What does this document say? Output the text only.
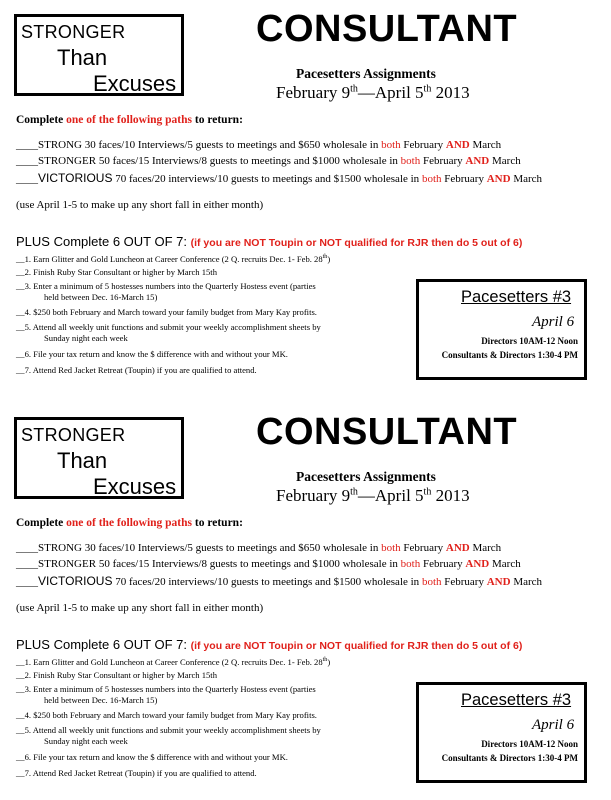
STRONGER
Than
Excuses
CONSULTANT
Pacesetters Assignments
February 9th—April 5th 2013
Complete one of the following paths to return:
____STRONG 30 faces/10 Interviews/5 guests to meetings and $650 wholesale in both February AND March
____STRONGER 50 faces/15 Interviews/8 guests to meetings and $1000 wholesale in both February AND March
____VICTORIOUS 70 faces/20 interviews/10 guests to meetings and $1500 wholesale in both February AND March
(use April 1-5 to make up any short fall in either month)
PLUS Complete 6 OUT OF 7: (if you are NOT Toupin or NOT qualified for RJR then do 5 out of 6)
__1. Earn Glitter and Gold Luncheon at Career Conference (2 Q. recruits Dec. 1- Feb. 28th)
__2. Finish Ruby Star Consultant or higher by March 15th
__3. Enter a minimum of 5 hostesses numbers into the Quarterly Hostess event (parties
held between Dec. 16-March 15)
__4. $250 both February and March toward your family budget from Mary Kay profits.
__5. Attend all weekly unit functions and submit your weekly accomplishment sheets by
Sunday night each week
__6. File your tax return and know the $ difference with and without your MK.
__7. Attend Red Jacket Retreat (Toupin) if you are qualified to attend.
Pacesetters #3
April 6
Directors 10AM-12 Noon
Consultants & Directors 1:30-4 PM
STRONGER
Than
Excuses
CONSULTANT
Pacesetters Assignments
February 9th—April 5th 2013
Complete one of the following paths to return:
____STRONG 30 faces/10 Interviews/5 guests to meetings and $650 wholesale in both February AND March
____STRONGER 50 faces/15 Interviews/8 guests to meetings and $1000 wholesale in both February AND March
____VICTORIOUS 70 faces/20 interviews/10 guests to meetings and $1500 wholesale in both February AND March
(use April 1-5 to make up any short fall in either month)
PLUS Complete 6 OUT OF 7: (if you are NOT Toupin or NOT qualified for RJR then do 5 out of 6)
__1. Earn Glitter and Gold Luncheon at Career Conference (2 Q. recruits Dec. 1- Feb. 28th)
__2. Finish Ruby Star Consultant or higher by March 15th
__3. Enter a minimum of 5 hostesses numbers into the Quarterly Hostess event (parties
held between Dec. 16-March 15)
__4. $250 both February and March toward your family budget from Mary Kay profits.
__5. Attend all weekly unit functions and submit your weekly accomplishment sheets by
Sunday night each week
__6. File your tax return and know the $ difference with and without your MK.
__7. Attend Red Jacket Retreat (Toupin) if you are qualified to attend.
Pacesetters #3
April 6
Directors 10AM-12 Noon
Consultants & Directors 1:30-4 PM
